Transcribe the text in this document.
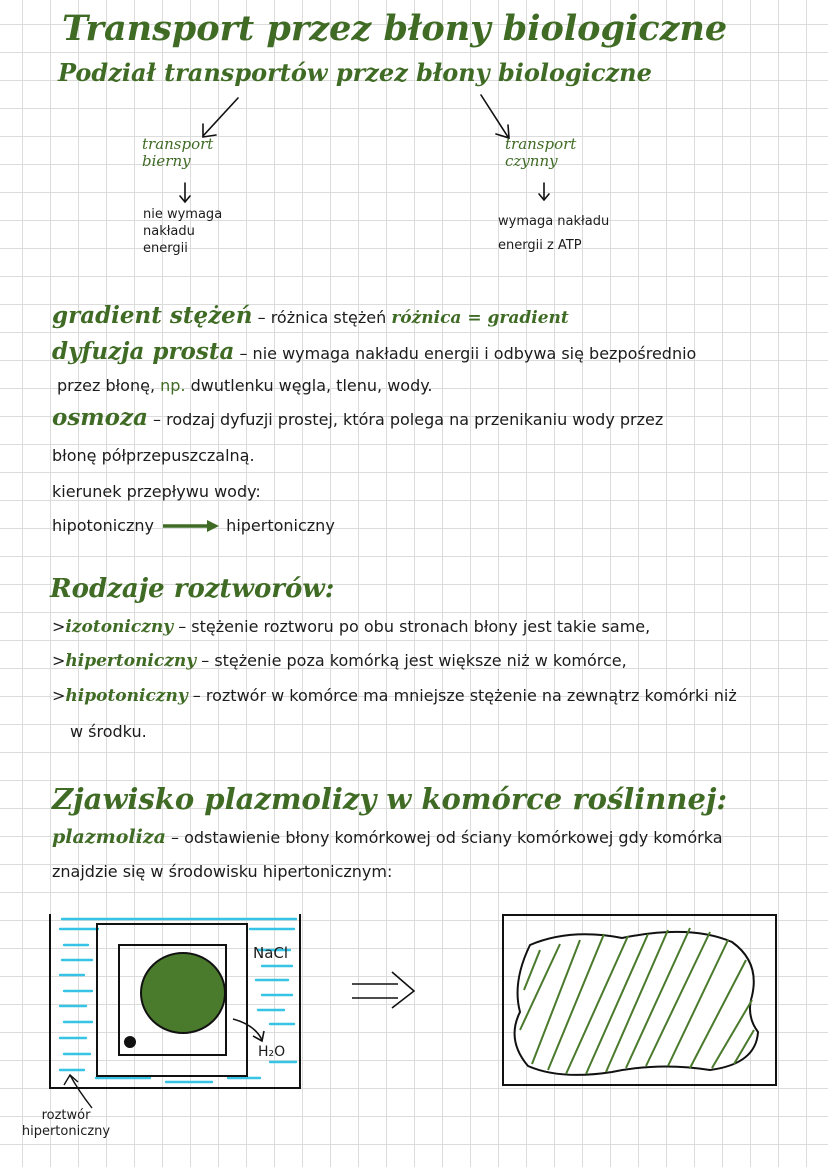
Transport przez błony biologiczne
Podział transportów przez błony biologiczne
transport
bierny
nie wymaga
nakładu
energii
transport
czynny
wymaga nakładu
energii z ATP
gradient stężeń – różnica stężeń różnica = gradient
dyfuzja prosta – nie wymaga nakładu energii i odbywa się bezpośrednio
przez błonę, np. dwutlenku węgla, tlenu, wody.
osmoza – rodzaj dyfuzji prostej, która polega na przenikaniu wody przez
błonę półprzepuszczalną.
kierunek przepływu wody:
hipotoniczny	hipertoniczny
Rodzaje roztworów:
>izotoniczny – stężenie roztworu po obu stronach błony jest takie same,
>hipertoniczny – stężenie poza komórką jest większe niż w komórce,
>hipotoniczny – roztwór w komórce ma mniejsze stężenie na zewnątrz komórki niż
w środku.
Zjawisko plazmolizy w komórce roślinnej:
plazmoliza – odstawienie błony komórkowej od ściany komórkowej gdy komórka
znajdzie się w środowisku hipertonicznym:
NaCl
H₂O
roztwór
hipertoniczny
